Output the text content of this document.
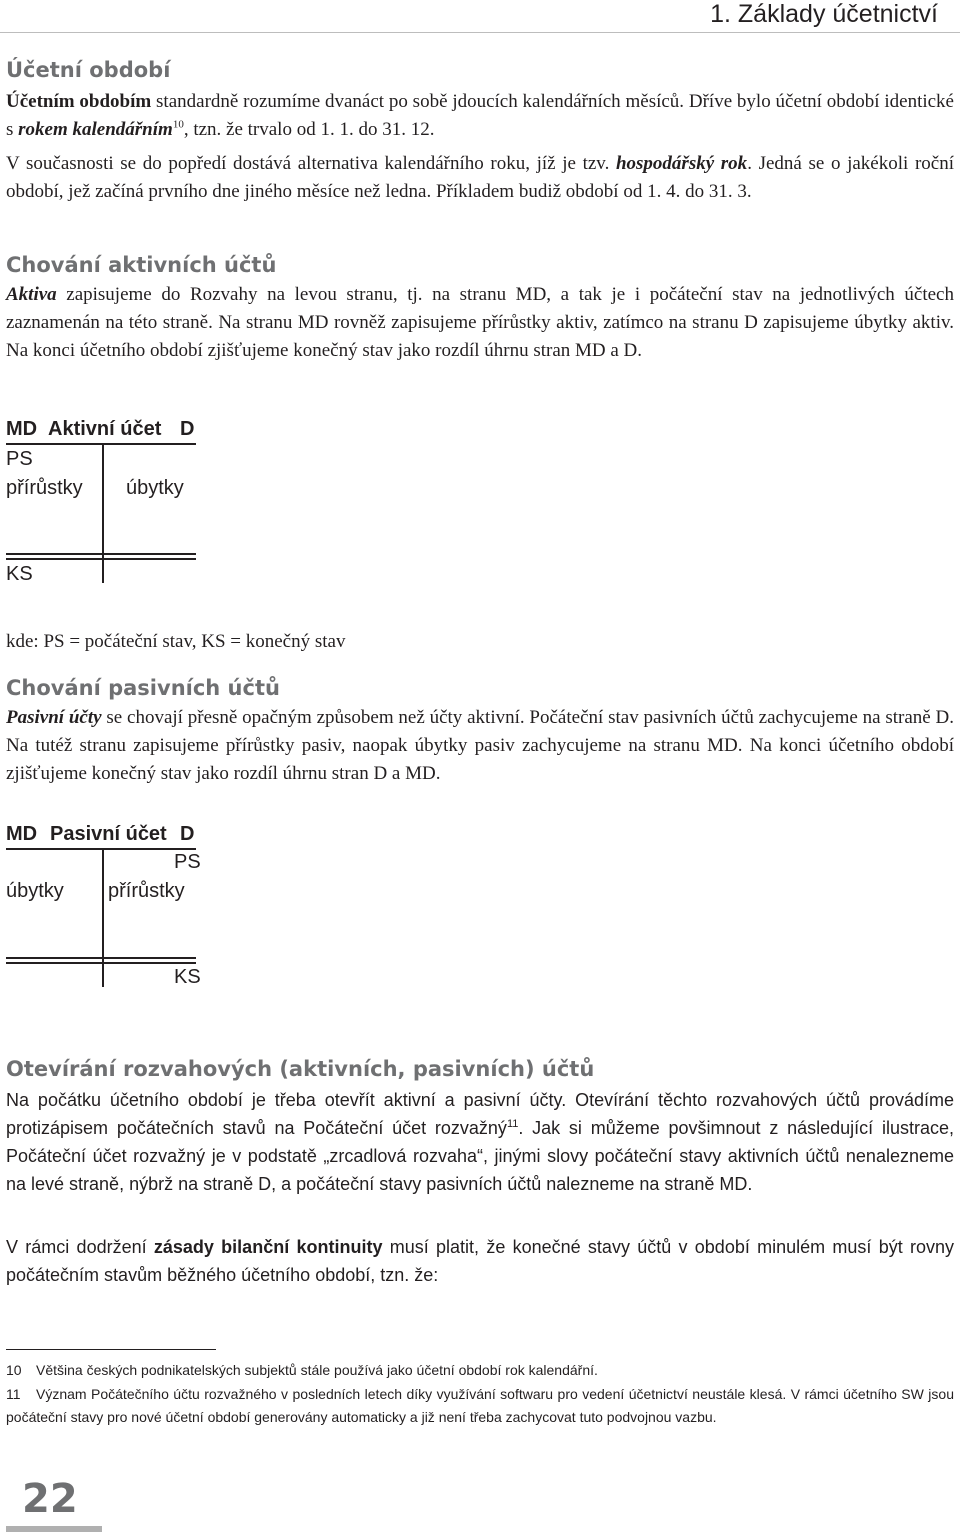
1. Základy účetnictví
Účetní období

Účetním obdobím standardně rozumíme dvanáct po sobě jdoucích kalendářních měsíců. Dříve bylo účetní období identické s rokem kalendářním$^{10}$, tzn. že trvalo od 1. 1. do 31. 12.

V současnosti se do popředí dostává alternativa kalendářního roku, jíž je tzv. hospodářský rok. Jedná se o jakékoli roční období, jež začíná prvního dne jiného měsíce než ledna. Příkladem budiž období od 1. 4. do 31. 3.

Chování aktivních účtů

Aktiva zapisujeme do Rozvahy na levou stranu, tj. na stranu MD, a tak je i počáteční stav na jednotlivých účtech zaznamenán na této straně. Na stranu MD rovněž zapisujeme přírůstky aktiv, zatímco na stranu D zapisujeme úbytky aktiv. Na konci účetního období zjišťujeme konečný stav jako rozdíl úhrnu stran MD a D.

MD Aktivní účet D
PS
přírůstky úbytky
KS

kde: PS = počáteční stav, KS = konečný stav

Chování pasivních účtů

Pasivní účty se chovají přesně opačným způsobem než účty aktivní. Počáteční stav pasivních účtů zachycujeme na straně D. Na tutéž stranu zapisujeme přírůstky pasiv, naopak úbytky pasiv zachycujeme na stranu MD. Na konci účetního období zjišťujeme konečný stav jako rozdíl úhrnu stran D a MD.

MD Pasivní účet D
PS
úbytky přírůstky
KS
Otevírání rozvahových (aktivních, pasivních) účtů

Na počátku účetního období je třeba otevřít aktivní a pasivní účty. Otevírání těchto rozvahových účtů provádíme protizápisem počátečních stavů na Počáteční účet rozvažný$^{11}$. Jak si můžeme povšimnout z následující ilustrace, Počáteční účet rozvažný je v podstatě „zrcadlová rozvaha“, jinými slovy počáteční stavy aktivních účtů nenalezneme na levé straně, nýbrž na straně D, a počáteční stavy pasivních účtů nalezneme na straně MD.

V rámci dodržení zásady bilanční kontinuity musí platit, že konečné stavy účtů v období minulém musí být rovny počátečním stavům běžného účetního období, tzn. že:

10 Většina českých podnikatelských subjektů stále používá jako účetní období rok kalendářní.

11 Význam Počátečního účtu rozvažného v posledních letech díky využívání softwaru pro vedení účetnictví neustále klesá. V rámci účetního SW jsou počáteční stavy pro nové účetní období generovány automaticky a již není třeba zachycovat tuto podvojnou vazbu.

22
